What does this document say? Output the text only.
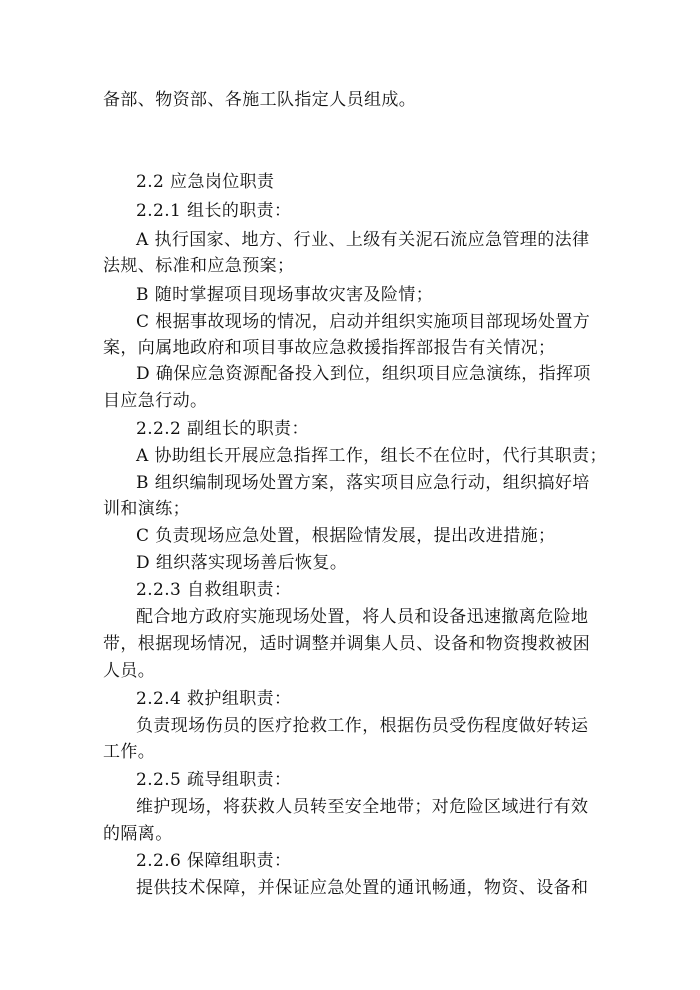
备部、物资部、各施工队指定人员组成。
2.2 应急岗位职责
2.2.1 组长的职责：
A 执行国家、地方、行业、上级有关泥石流应急管理的法律
法规、标准和应急预案；
B 随时掌握项目现场事故灾害及险情；
C 根据事故现场的情况，启动并组织实施项目部现场处置方
案，向属地政府和项目事故应急救援指挥部报告有关情况；
D 确保应急资源配备投入到位，组织项目应急演练，指挥项
目应急行动。
2.2.2 副组长的职责：
A 协助组长开展应急指挥工作，组长不在位时，代行其职责；
B 组织编制现场处置方案，落实项目应急行动，组织搞好培
训和演练；
C 负责现场应急处置，根据险情发展，提出改进措施；
D 组织落实现场善后恢复。
2.2.3 自救组职责：
配合地方政府实施现场处置，将人员和设备迅速撤离危险地
带，根据现场情况，适时调整并调集人员、设备和物资搜救被困
人员。
2.2.4 救护组职责：
负责现场伤员的医疗抢救工作，根据伤员受伤程度做好转运
工作。
2.2.5 疏导组职责：
维护现场，将获救人员转至安全地带；对危险区域进行有效
的隔离。
2.2.6 保障组职责：
提供技术保障，并保证应急处置的通讯畅通，物资、设备和
